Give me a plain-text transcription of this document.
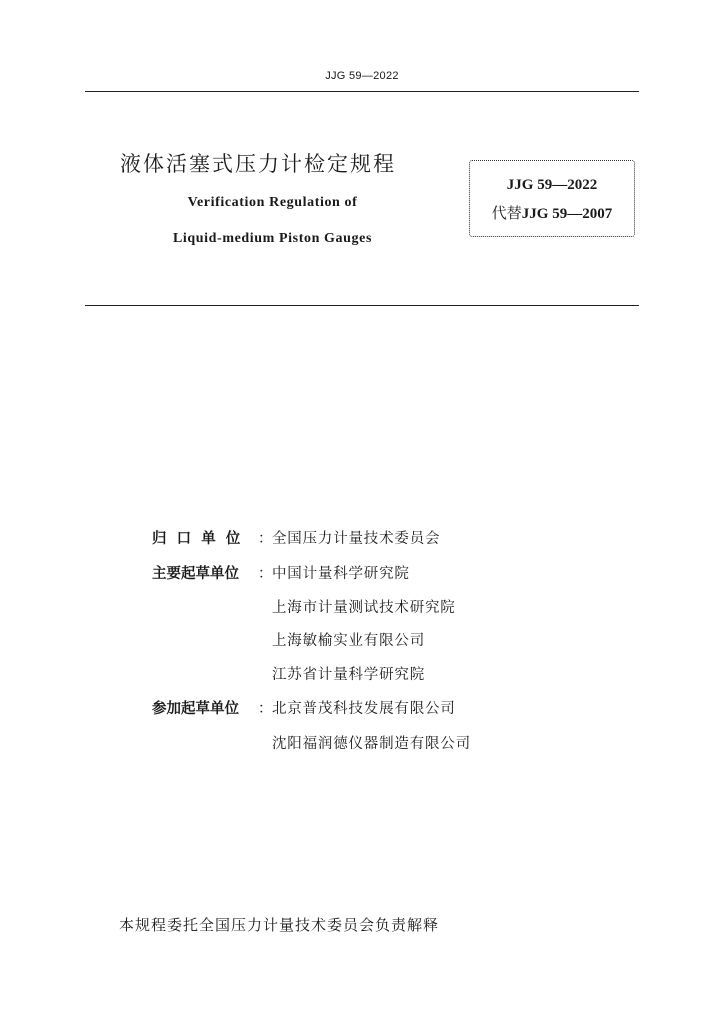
JJG 59—2022
液体活塞式压力计检定规程
Verification Regulation of
Liquid-medium Piston Gauges
JJG 59—2022
代替JJG 59—2007
归  口  单  位 ： 全国压力计量技术委员会
主要起草单位 ： 中国计量科学研究院
上海市计量测试技术研究院
上海敏榆实业有限公司
江苏省计量科学研究院
参加起草单位 ： 北京普茂科技发展有限公司
沈阳福润德仪器制造有限公司
本规程委托全国压力计量技术委员会负责解释
